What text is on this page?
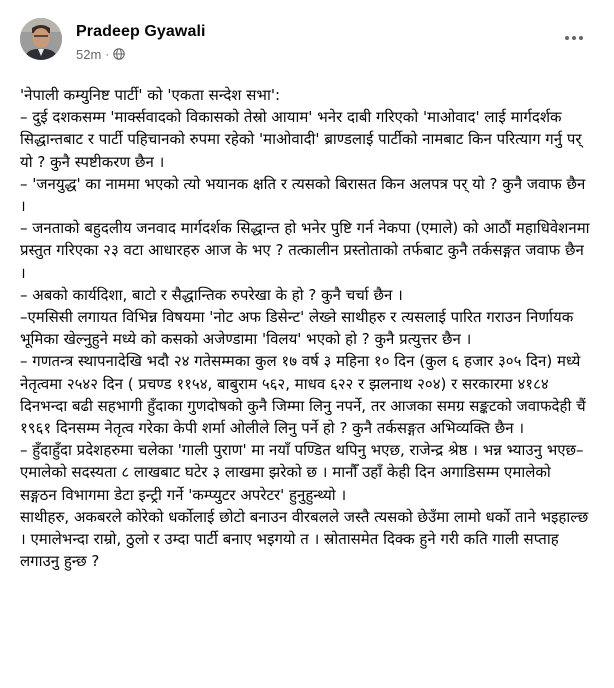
Pradeep Gyawali
52m ·

'नेपाली कम्युनिष्ट पार्टी' को 'एकता सन्देश सभा':

– दुई दशकसम्म 'मार्क्सवादको विकासको तेस्रो आयाम' भनेर दाबी गरिएको 'माओवाद' लाई मार्गदर्शक सिद्धान्तबाट र पार्टी पहिचानको रुपमा रहेको 'माओवादी' ब्राण्डलाई पार्टीको नामबाट किन परित्याग गर्नु पर् यो ? कुनै स्पष्टीकरण छैन ।

– 'जनयुद्ध' का नाममा भएको त्यो भयानक क्षति र त्यसको बिरासत किन अलपत्र पर् यो ? कुनै जवाफ छैन ।

– जनताको बहुदलीय जनवाद मार्गदर्शक सिद्धान्त हो भनेर पुष्टि गर्न नेकपा (एमाले) को आठौं महाधिवेशनमा प्रस्तुत गरिएका २३ वटा आधारहरु आज के भए ? तत्कालीन प्रस्तोताको तर्फबाट कुनै तर्कसङ्गत जवाफ छैन ।

– अबको कार्यदिशा, बाटो र सैद्धान्तिक रुपरेखा के हो ? कुनै चर्चा छैन ।

–एमसिसी लगायत विभिन्न विषयमा 'नोट अफ डिसेन्ट' लेख्ने साथीहरु र त्यसलाई पारित गराउन निर्णायक भूमिका खेल्नुहुने मध्ये को कसको अजेण्डामा 'विलय' भएको हो ? कुनै प्रत्युत्तर छैन ।

– गणतन्त्र स्थापनादेखि भदौ २४ गतेसम्मका कुल १७ वर्ष ३ महिना १० दिन (कुल ६ हजार ३०५ दिन) मध्ये नेतृत्वमा २५४२ दिन ( प्रचण्ड ११५४, बाबुराम ५६२, माधव ६२२ र झलनाथ २०४) र सरकारमा ४१८४ दिनभन्दा बढी सहभागी हुँदाका गुणदोषको कुनै जिम्मा लिनु नपर्ने, तर आजका समग्र सङ्कटको जवाफदेही चैं १९६१ दिनसम्म नेतृत्व गरेका केपी शर्मा ओलीले लिनु पर्ने हो ? कुनै तर्कसङ्गत अभिव्यक्ति छैन ।

– हुँदाहुँदा प्रदेशहरुमा चलेका 'गाली पुराण' मा नयाँ पण्डित थपिनु भएछ, राजेन्द्र श्रेष्ठ । भन्न भ्याउनु भएछ– एमालेको सदस्यता ८ लाखबाट घटेर ३ लाखमा झरेको छ । मानौँ उहाँ केही दिन अगाडिसम्म एमालेको सङ्गठन विभागमा डेटा इन्ट्री गर्ने 'कम्प्युटर अपरेटर' हुनुहुन्थ्यो ।

साथीहरु, अकबरले कोरेको धर्कोलाई छोटो बनाउन वीरबलले जस्तै त्यसको छेउँमा लामो धर्को ताने भइहाल्छ । एमालेभन्दा राम्रो, ठुलो र उम्दा पार्टी बनाए भइगयो त । स्रोतासमेत दिक्क हुने गरी कति गाली सप्ताह लगाउनु हुन्छ ?
